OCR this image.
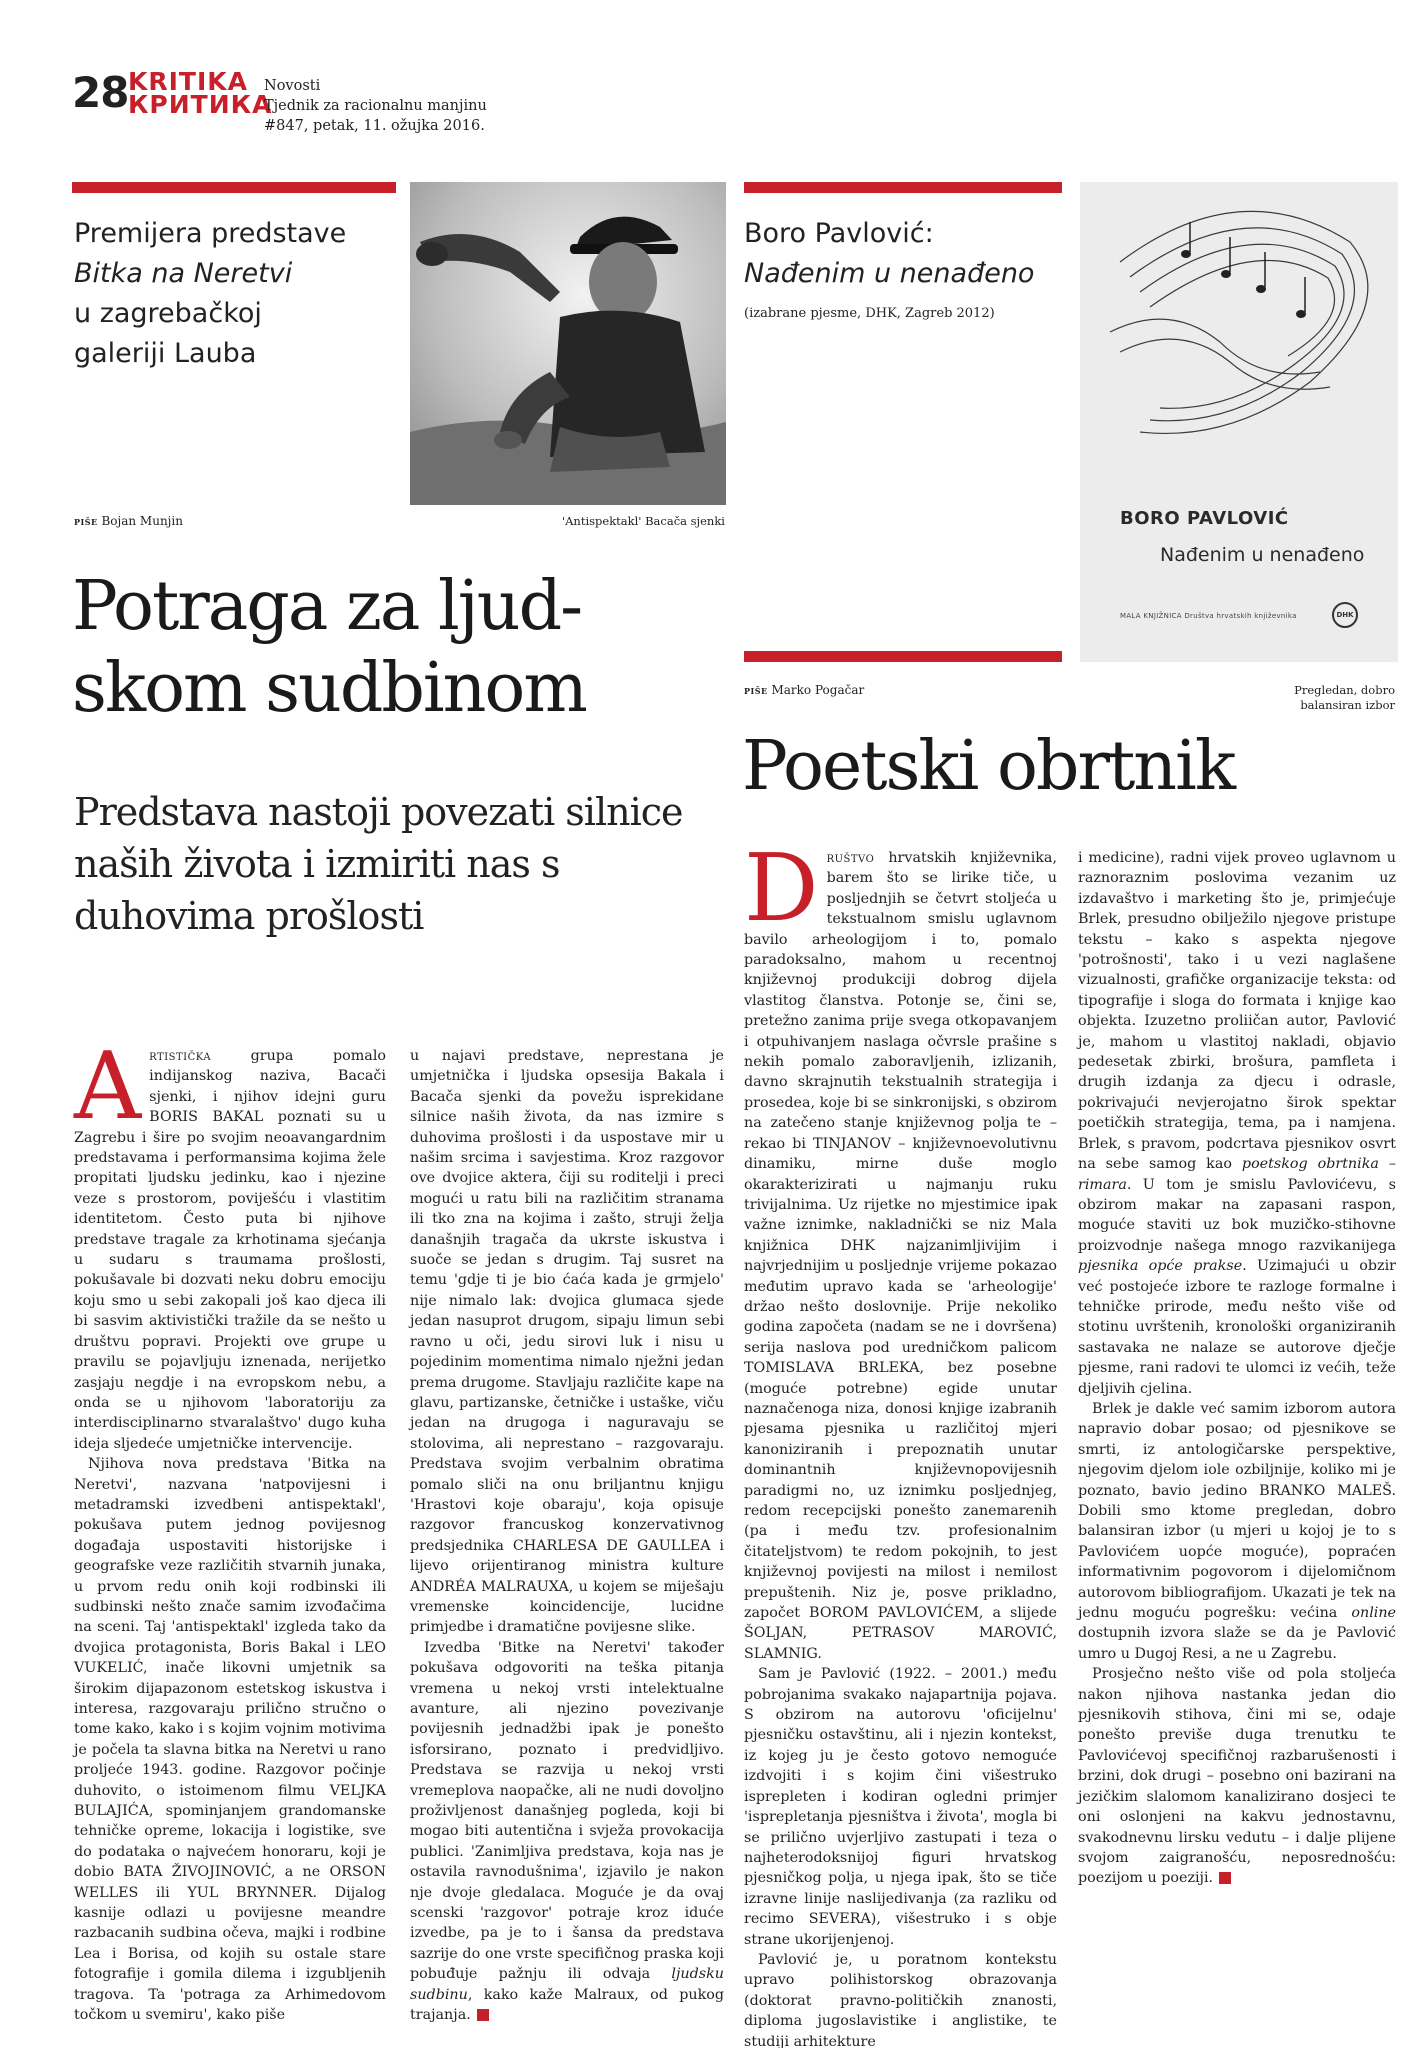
28 KRITIKA
КРИТИКА
Novosti
Tjednik za racionalnu manjinu
#847, petak, 11. ožujka 2016.
Premijera predstave
Bitka na Neretvi
u zagrebačkoj
galeriji Lauba
'Antispektakl' Bacača sjenki
piše Bojan Munjin
Potraga za ljud-
skom sudbinom
Predstava nastoji povezati silnice naših života i izmiriti nas s duhovima prošlosti

Artistička grupa pomalo indijanskog naziva, Bacači sjenki, i njihov idejni guru BORIS BAKAL poznati su u Zagrebu i šire po svojim neoavangardnim predstavama i performansima kojima žele propitati ljudsku jedinku, kao i njezine veze s prostorom, poviješću i vlastitim identitetom. Često puta bi njihove predstave tragale za krhotinama sjećanja u sudaru s traumama prošlosti, pokušavale bi dozvati neku dobru emociju koju smo u sebi zakopali još kao djeca ili bi sasvim aktivistički tražile da se nešto u društvu popravi. Projekti ove grupe u pravilu se pojavljuju iznenada, nerijetko zasjaju negdje i na evropskom nebu, a onda se u njihovom 'laboratoriju za interdisciplinarno stvaralaštvo' dugo kuha ideja sljedeće umjetničke intervencije.

Njihova nova predstava 'Bitka na Neretvi', nazvana 'natpovijesni i metadramski izvedbeni antispektakl', pokušava putem jednog povijesnog događaja uspostaviti historijske i geografske veze različitih stvarnih junaka, u prvom redu onih koji rodbinski ili sudbinski nešto znače samim izvođačima na sceni. Taj 'antispektakl' izgleda tako da dvojica protagonista, Boris Bakal i LEO VUKELIĆ, inače likovni umjetnik sa širokim dijapazonom estetskog iskustva i interesa, razgovaraju prilično stručno o tome kako, kako i s kojim vojnim motivima je počela ta slavna bitka na Neretvi u rano proljeće 1943. godine. Razgovor počinje duhovito, o istoimenom filmu VELJKA BULAJIĆA, spominjanjem grandomanske tehničke opreme, lokacija i logistike, sve do podataka o najvećem honoraru, koji je dobio BATA ŽIVOJINOVIĆ, a ne ORSON WELLES ili YUL BRYNNER. Dijalog kasnije odlazi u povijesne meandre razbacanih sudbina očeva, majki i rodbine Lea i Borisa, od kojih su ostale stare fotografije i gomila dilema i izgubljenih tragova. Ta 'potraga za Arhimedovom točkom u svemiru', kako piše

u najavi predstave, neprestana je umjetnička i ljudska opsesija Bakala i Bacača sjenki da povežu isprekidane silnice naših života, da nas izmire s duhovima prošlosti i da uspostave mir u našim srcima i savjestima. Kroz razgovor ove dvojice aktera, čiji su roditelji i preci mogući u ratu bili na različitim stranama ili tko zna na kojima i zašto, struji želja današnjih tragača da ukrste iskustva i suoče se jedan s drugim. Taj susret na temu 'gdje ti je bio ćaća kada je grmjelo' nije nimalo lak: dvojica glumaca sjede jedan nasuprot drugom, sipaju limun sebi ravno u oči, jedu sirovi luk i nisu u pojedinim momentima nimalo nježni jedan prema drugome. Stavljaju različite kape na glavu, partizanske, četničke i ustaške, viču jedan na drugoga i naguravaju se stolovima, ali neprestano – razgovaraju. Predstava svojim verbalnim obratima pomalo sliči na onu briljantnu knjigu 'Hrastovi koje obaraju', koja opisuje razgovor francuskog konzervativnog predsjednika CHARLESA DE GAULLEA i lijevo orijentiranog ministra kulture ANDRÉA MALRAUXA, u kojem se miješaju vremenske koincidencije, lucidne primjedbe i dramatične povijesne slike.

Izvedba 'Bitke na Neretvi' također pokušava odgovoriti na teška pitanja vremena u nekoj vrsti intelektualne avanture, ali njezino povezivanje povijesnih jednadžbi ipak je ponešto isforsirano, poznato i predvidljivo. Predstava se razvija u nekoj vrsti vremeplova naopačke, ali ne nudi dovoljno proživljenost današnjeg pogleda, koji bi mogao biti autentična i svježa provokacija publici. 'Zanimljiva predstava, koja nas je ostavila ravnodušnima', izjavilo je nakon nje dvoje gledalaca. Moguće je da ovaj scenski 'razgovor' potraje kroz iduće izvedbe, pa je to i šansa da predstava sazrije do one vrste specifičnog praska koji pobuđuje pažnju ili odvaja ljudsku sudbinu, kako kaže Malraux, od pukog trajanja.

Boro Pavlović:
Nađenim u nenađeno
(izabrane pjesme, DHK, Zagreb 2012)
BORO PAVLOVIĆ
Nađenim u nenađeno
MALA KNJIŽNICA Društva hrvatskih književnika	DHK
piše Marko Pogačar	Pregledan, dobro balansiran izbor
Poetski obrtnik

Društvo hrvatskih književnika, barem što se lirike tiče, u posljednjih se četvrt stoljeća u tekstualnom smislu uglavnom bavilo arheologijom i to, pomalo paradoksalno, mahom u recentnoj književnoj produkciji dobrog dijela vlastitog članstva. Potonje se, čini se, pretežno zanima prije svega otkopavanjem i otpuhivanjem naslaga očvrsle prašine s nekih pomalo zaboravljenih, izlizanih, davno skrajnutih tekstualnih strategija i prosedea, koje bi se sinkronijski, s obzirom na zatečeno stanje književnog polja te – rekao bi TINJANOV – književnoevolutivnu dinamiku, mirne duše moglo okarakterizirati u najmanju ruku trivijalnima. Uz rijetke no mjestimice ipak važne iznimke, nakladnički se niz Mala knjižnica DHK najzanimljivijim i najvrjednijim u posljednje vrijeme pokazao međutim upravo kada se 'arheologije' držao nešto doslovnije. Prije nekoliko godina započeta (nadam se ne i dovršena) serija naslova pod uredničkom palicom TOMISLAVA BRLEKA, bez posebne (moguće potrebne) egide unutar naznačenoga niza, donosi knjige izabranih pjesama pjesnika u različitoj mjeri kanoniziranih i prepoznatih unutar dominantnih književnopovijesnih paradigmi no, uz iznimku posljednjeg, redom recepcijski ponešto zanemarenih (pa i među tzv. profesionalnim čitateljstvom) te redom pokojnih, to jest književnoj povijesti na milost i nemilost prepuštenih. Niz je, posve prikladno, započet BOROM PAVLOVIĆEM, a slijede ŠOLJAN, PETRASOV MAROVIĆ, SLAMNIG.

Sam je Pavlović (1922. – 2001.) među pobrojanima svakako najapartnija pojava. S obzirom na autorovu 'oficijelnu' pjesničku ostavštinu, ali i njezin kontekst, iz kojeg ju je često gotovo nemoguće izdvojiti i s kojim čini višestruko isprepleten i kodiran ogledni primjer 'isprepletanja pjesništva i života', mogla bi se prilično uvjerljivo zastupati i teza o najheterodoksnijoj figuri hrvatskog pjesničkog polja, u njega ipak, što se tiče izravne linije naslijedivanja (za razliku od recimo SEVERA), višestruko i s obje strane ukorijenjenoj.

Pavlović je, u poratnom kontekstu upravo polihistorskog obrazovanja (doktorat pravno-političkih znanosti, diploma jugoslavistike i anglistike, te studiji arhitekture

i medicine), radni vijek proveo uglavnom u raznoraznim poslovima vezanim uz izdavaštvo i marketing što je, primjećuje Brlek, presudno obilježilo njegove pristupe tekstu – kako s aspekta njegove 'potrošnosti', tako i u vezi naglašene vizualnosti, grafičke organizacije teksta: od tipografije i sloga do formata i knjige kao objekta. Izuzetno proliičan autor, Pavlović je, mahom u vlastitoj nakladi, objavio pedesetak zbirki, brošura, pamfleta i drugih izdanja za djecu i odrasle, pokrivajući nevjerojatno širok spektar poetičkih strategija, tema, pa i namjena. Brlek, s pravom, podcrtava pjesnikov osvrt na sebe samog kao poetskog obrtnika – rimara. U tom je smislu Pavlovićevu, s obzirom makar na zapasani raspon, moguće staviti uz bok muzičko-stihovne proizvodnje našega mnogo razvikanijega pjesnika opće prakse. Uzimajući u obzir već postojeće izbore te razloge formalne i tehničke prirode, među nešto više od stotinu uvrštenih, kronološki organiziranih sastavaka ne nalaze se autorove dječje pjesme, rani radovi te ulomci iz većih, teže djeljivih cjelina.

Brlek je dakle već samim izborom autora napravio dobar posao; od pjesnikove se smrti, iz antologičarske perspektive, njegovim djelom iole ozbiljnije, koliko mi je poznato, bavio jedino BRANKO MALEŠ. Dobili smo ktome pregledan, dobro balansiran izbor (u mjeri u kojoj je to s Pavlovićem uopće moguće), popraćen informativnim pogovorom i dijelomičnom autorovom bibliografijom. Ukazati je tek na jednu moguću pogrešku: većina online dostupnih izvora slaže se da je Pavlović umro u Dugoj Resi, a ne u Zagrebu.

Prosječno nešto više od pola stoljeća nakon njihova nastanka jedan dio pjesnikovih stihova, čini mi se, odaje ponešto previše duga trenutku te Pavlovićevoj specifičnoj razbarušenosti i brzini, dok drugi – posebno oni bazirani na jezičkim slalomom kanalizirano dosjeci te oni oslonjeni na kakvu jednostavnu, svakodnevnu lirsku vedutu – i dalje plijene svojom zaigranošću, neposrednošću: poezijom u poeziji.
